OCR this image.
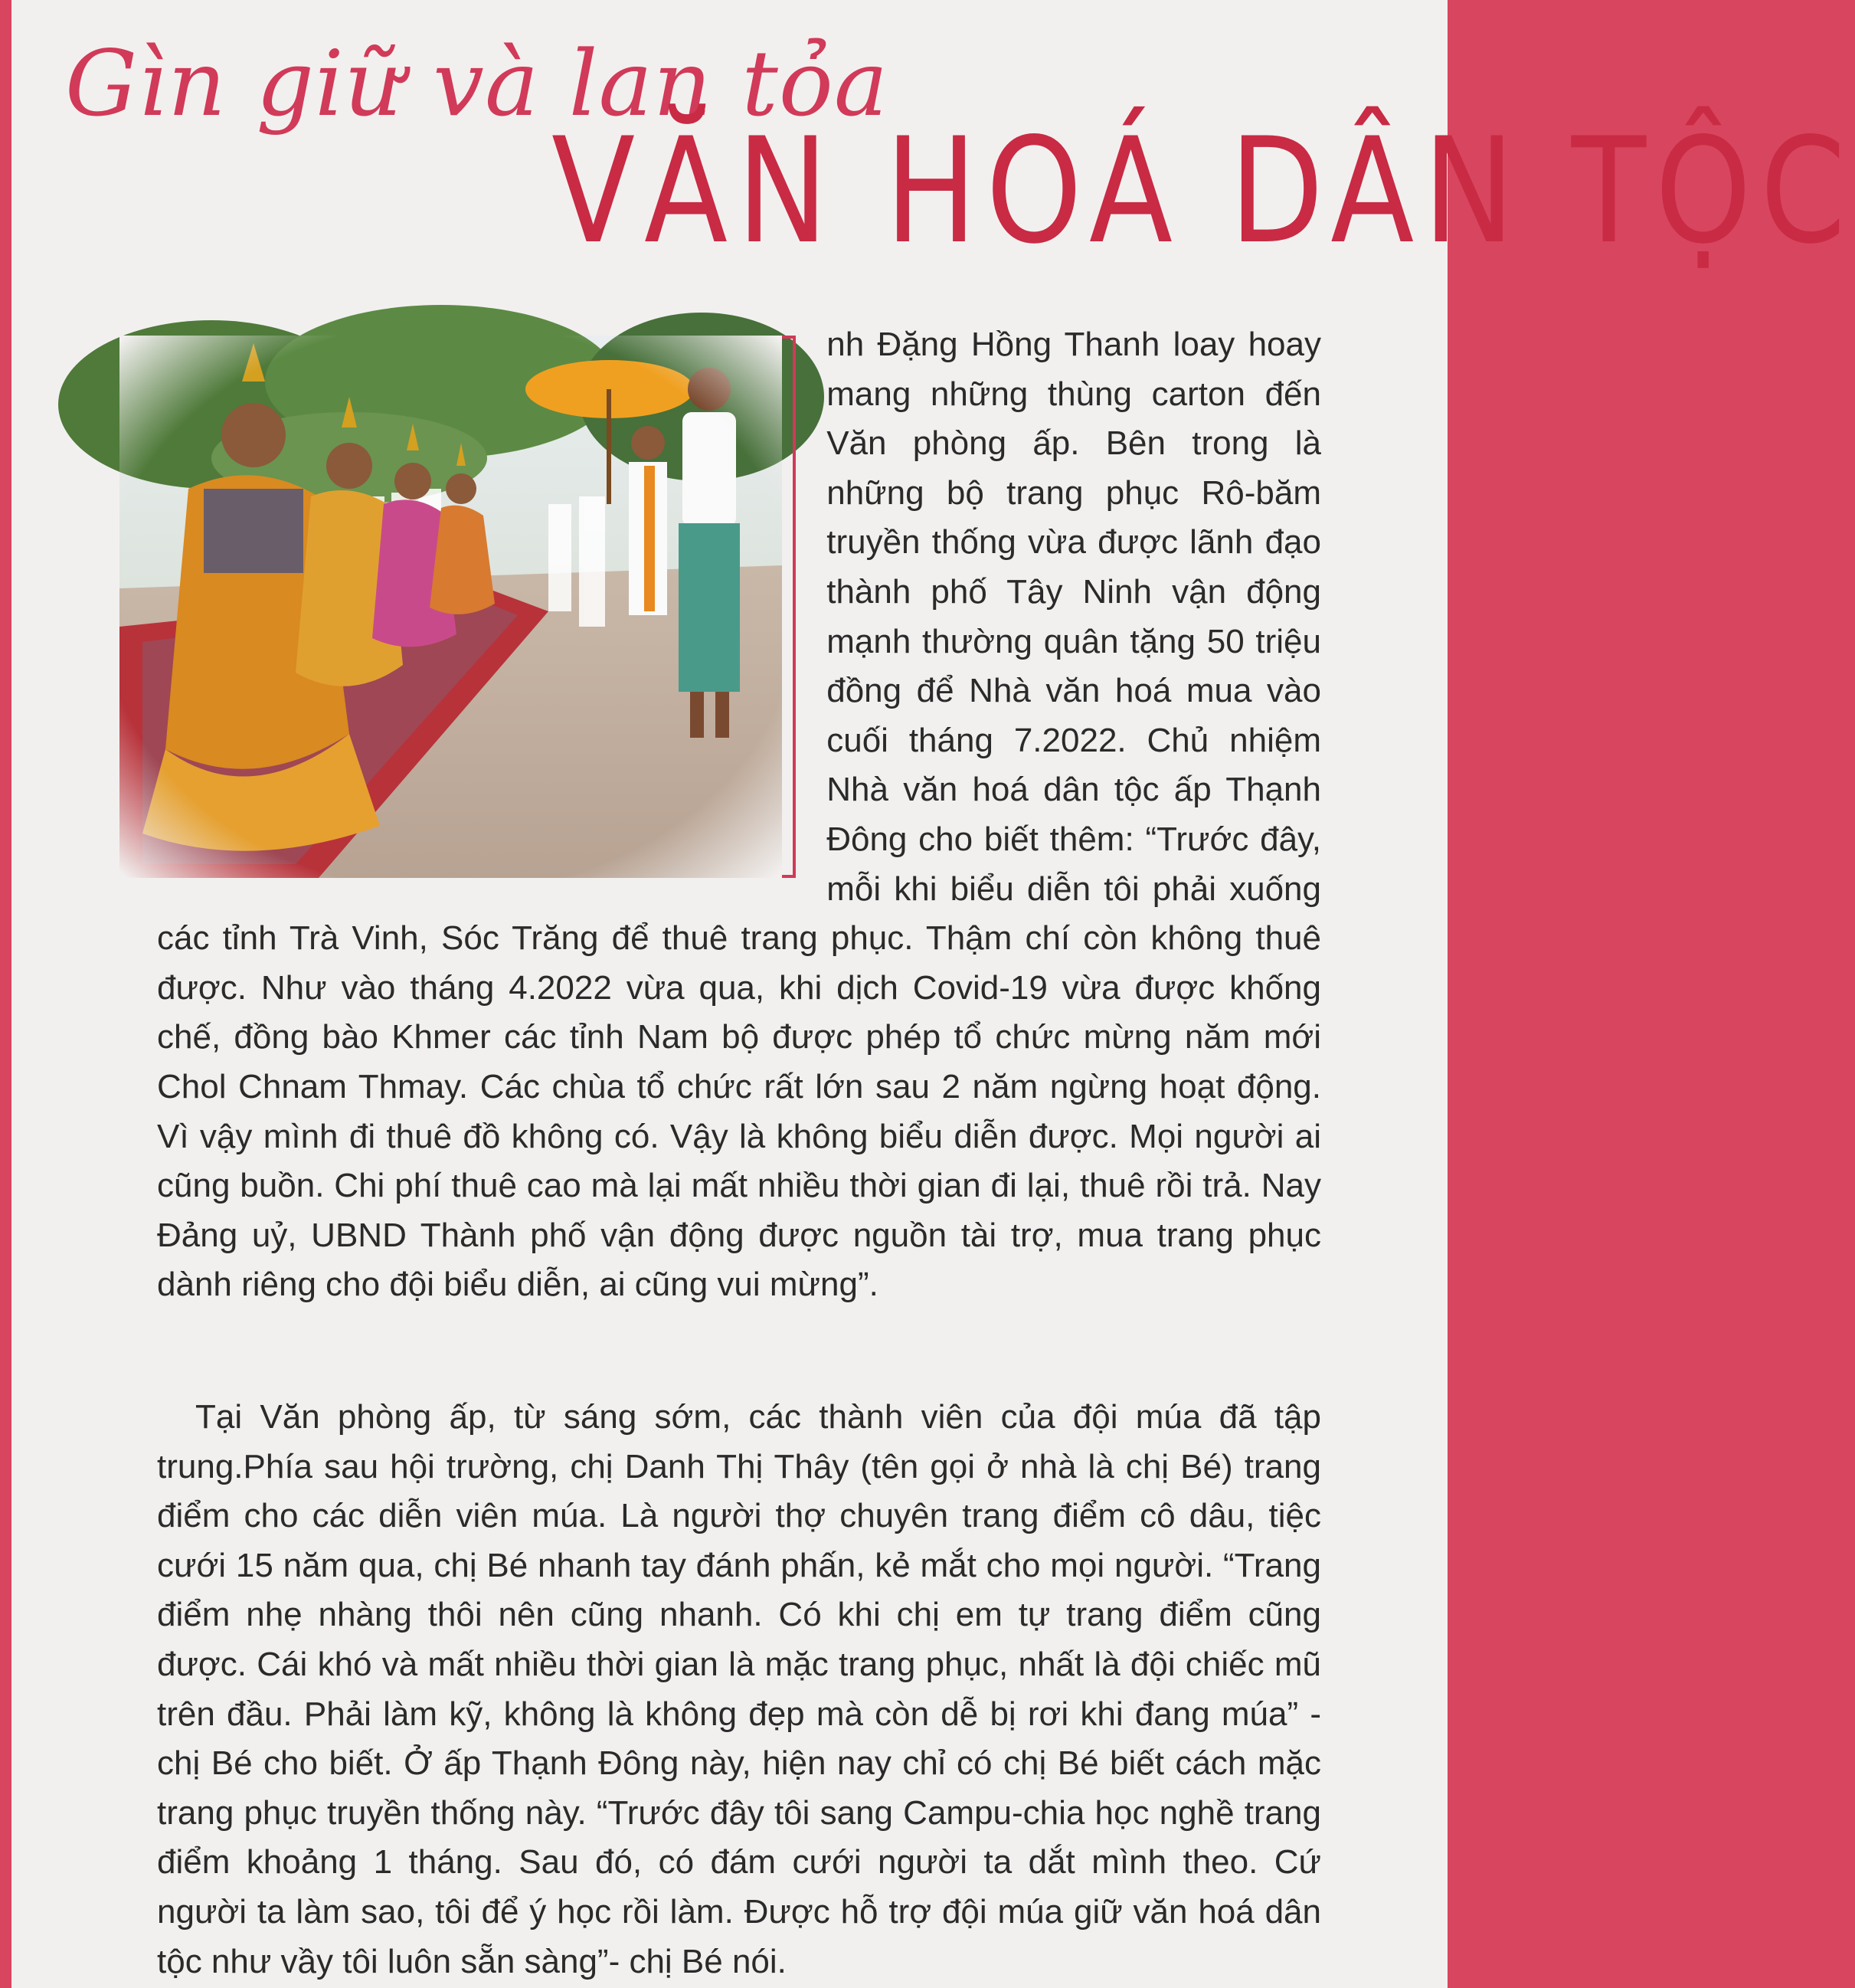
Gìn giữ và lan tỏa
VĂN HOÁ DÂN TỘC
nh Đặng Hồng Thanh loay hoay mang những thùng carton đến Văn phòng ấp. Bên trong là những bộ trang phục Rô-băm truyền thống vừa được lãnh đạo thành phố Tây Ninh vận động mạnh thường quân tặng 50 triệu đồng để Nhà văn hoá mua vào cuối tháng 7.2022. Chủ nhiệm Nhà văn hoá dân tộc ấp Thạnh Đông cho biết thêm: “Trước đây, mỗi khi biểu diễn tôi phải xuống các tỉnh Trà Vinh, Sóc Trăng để thuê trang phục. Thậm chí còn không thuê được. Như vào tháng 4.2022 vừa qua, khi dịch Covid-19 vừa được khống chế, đồng bào Khmer các tỉnh Nam bộ được phép tổ chức mừng năm mới Chol Chnam Thmay. Các chùa tổ chức rất lớn sau 2 năm ngừng hoạt động. Vì vậy mình đi thuê đồ không có. Vậy là không biểu diễn được. Mọi người ai cũng buồn. Chi phí thuê cao mà lại mất nhiều thời gian đi lại, thuê rồi trả. Nay Đảng uỷ, UBND Thành phố vận động được nguồn tài trợ, mua trang phục dành riêng cho đội biểu diễn, ai cũng vui mừng”.

Tại Văn phòng ấp, từ sáng sớm, các thành viên của đội múa đã tập trung.Phía sau hội trường, chị Danh Thị Thây (tên gọi ở nhà là chị Bé) trang điểm cho các diễn viên múa. Là người thợ chuyên trang điểm cô dâu, tiệc cưới 15 năm qua, chị Bé nhanh tay đánh phấn, kẻ mắt cho mọi người. “Trang điểm nhẹ nhàng thôi nên cũng nhanh. Có khi chị em tự trang điểm cũng được. Cái khó và mất nhiều thời gian là mặc trang phục, nhất là đội chiếc mũ trên đầu. Phải làm kỹ, không là không đẹp mà còn dễ bị rơi khi đang múa” - chị Bé cho biết. Ở ấp Thạnh Đông này, hiện nay chỉ có chị Bé biết cách mặc trang phục truyền thống này. “Trước đây tôi sang Campu-chia học nghề trang điểm khoảng 1 tháng. Sau đó, có đám cưới người ta dắt mình theo. Cứ người ta làm sao, tôi để ý học rồi làm. Được hỗ trợ đội múa giữ văn hoá dân tộc như vầy tôi luôn sẵn sàng”- chị Bé nói.
